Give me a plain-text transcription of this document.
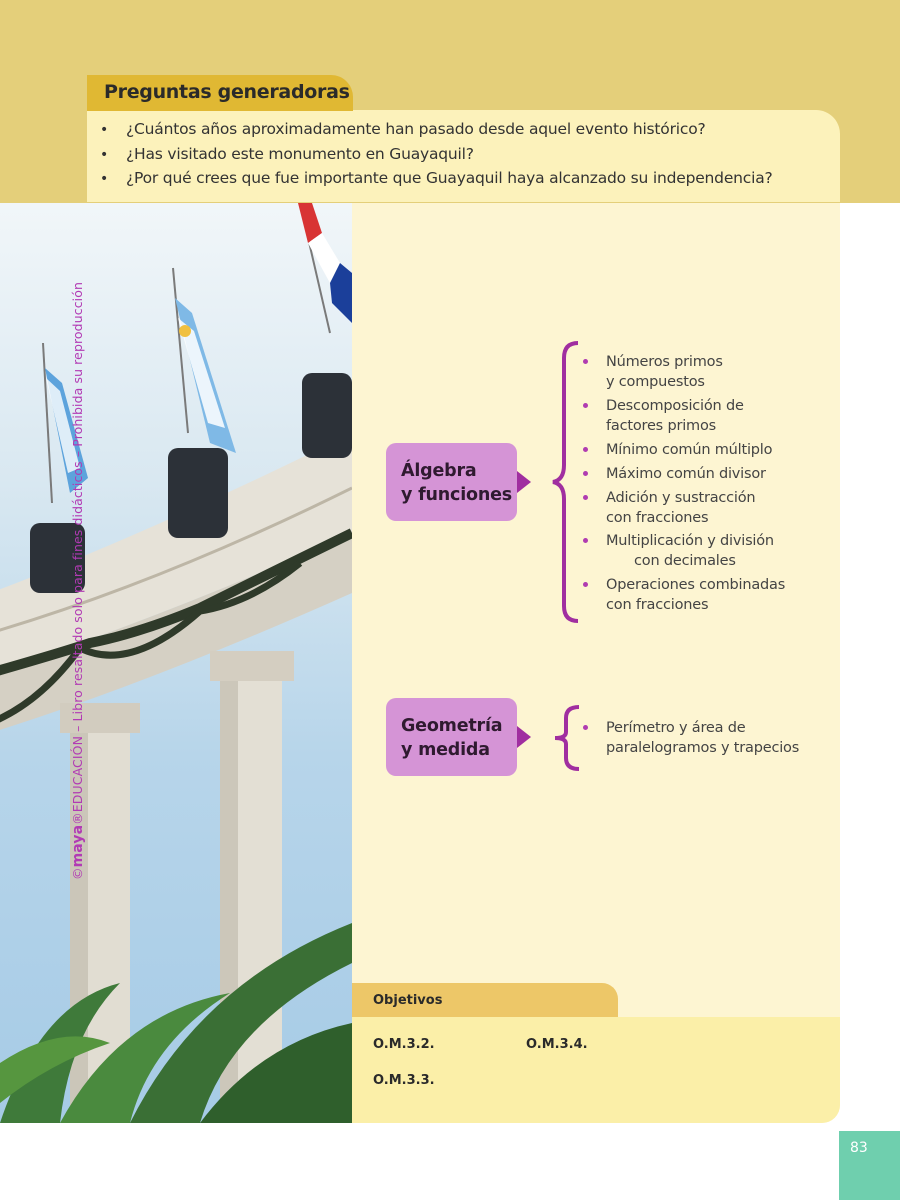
Preguntas generadoras
• ¿Cuántos años aproximadamente han pasado desde aquel evento histórico?
• ¿Has visitado este monumento en Guayaquil?
• ¿Por qué crees que fue importante que Guayaquil haya alcanzado su independencia?
©maya®EDUCACIÓN – Libro resaltado solo para fines didácticos – Prohibida su reproducción	Álgebra
y funciones
Números primos
y compuestos
Descomposición de
factores primos
Mínimo común múltiplo
Máximo común divisor
Adición y sustracción
con fracciones
Multiplicación y división
con decimales
Operaciones combinadas
con fracciones
Geometría
y medida
Perímetro y área de
paralelogramos y trapecios
Objetivos
O.M.3.2.	O.M.3.4.
O.M.3.3.
83
